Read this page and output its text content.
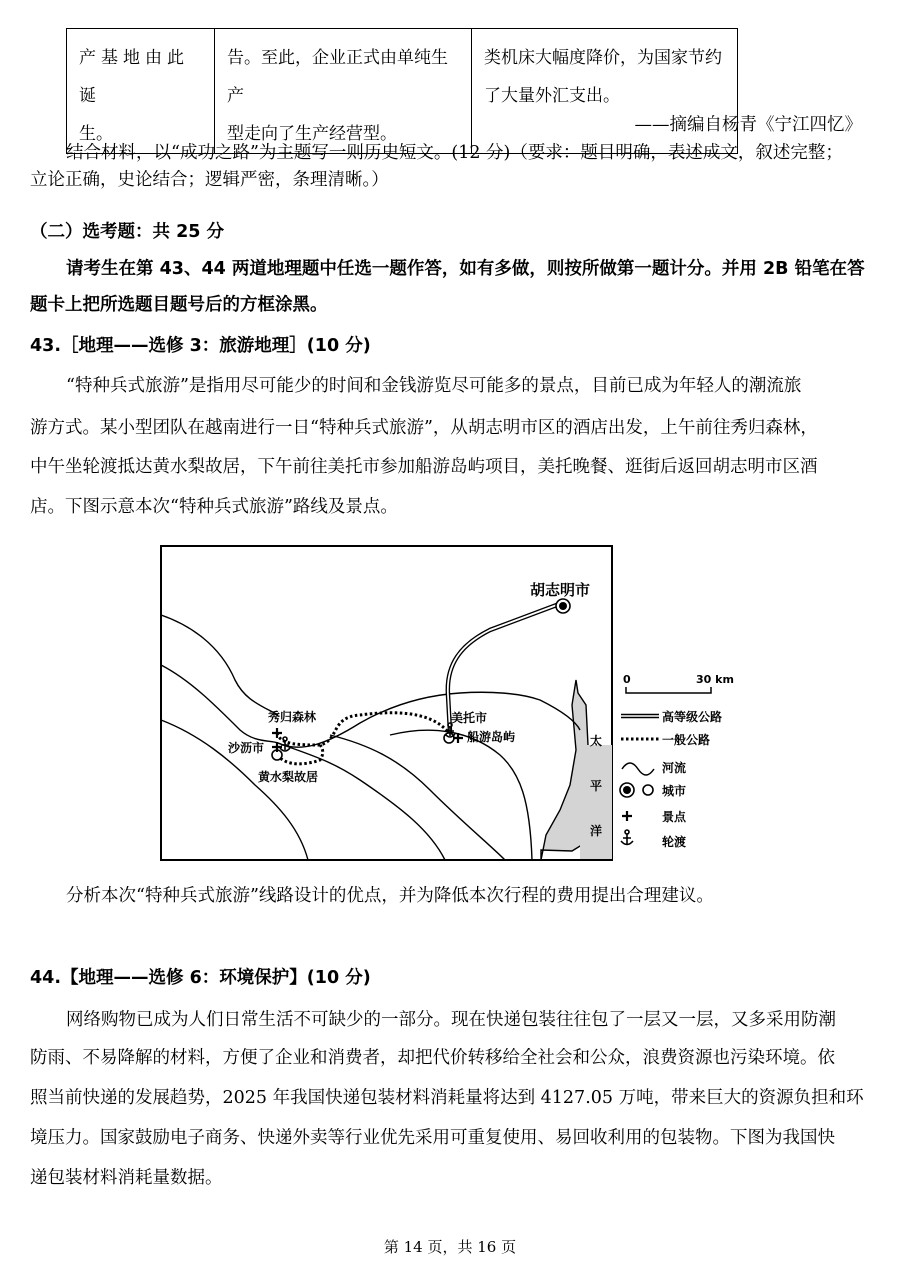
产基地由此诞
生。

告。至此，企业正式由单纯生产
型走向了生产经营型。

类机床大幅度降价，为国家节约
了大量外汇支出。
——摘编自杨青《宁江四忆》
结合材料，以“成功之路”为主题写一则历史短文。(12 分)（要求：题目明确，表述成文，叙述完整；
立论正确，史论结合；逻辑严密，条理清晰。）
（二）选考题：共 25 分
请考生在第 43、44 两道地理题中任选一题作答，如有多做，则按所做第一题计分。并用 2B 铅笔在答
题卡上把所选题目题号后的方框涂黑。
43.［地理——选修 3：旅游地理］(10 分)
“特种兵式旅游”是指用尽可能少的时间和金钱游览尽可能多的景点，目前已成为年轻人的潮流旅
游方式。某小型团队在越南进行一日“特种兵式旅游”，从胡志明市区的酒店出发，上午前往秀归森林，
中午坐轮渡抵达黄水梨故居，下午前往美托市参加船游岛屿项目，美托晚餐、逛街后返回胡志明市区酒
店。下图示意本次“特种兵式旅游”路线及景点。
胡志明市
秀归森林
沙沥市
黄水梨故居
美托市
船游岛屿	太
平
洋
0	30 km
高等级公路
一般公路
河流
城市
景点
轮渡
分析本次“特种兵式旅游”线路设计的优点，并为降低本次行程的费用提出合理建议。
44.【地理——选修 6：环境保护】(10 分)
网络购物已成为人们日常生活不可缺少的一部分。现在快递包装往往包了一层又一层，又多采用防潮
防雨、不易降解的材料，方便了企业和消费者，却把代价转移给全社会和公众，浪费资源也污染环境。依
照当前快递的发展趋势，2025 年我国快递包装材料消耗量将达到 4127.05 万吨，带来巨大的资源负担和环
境压力。国家鼓励电子商务、快递外卖等行业优先采用可重复使用、易回收利用的包装物。下图为我国快
递包装材料消耗量数据。
第 14 页，共 16 页
